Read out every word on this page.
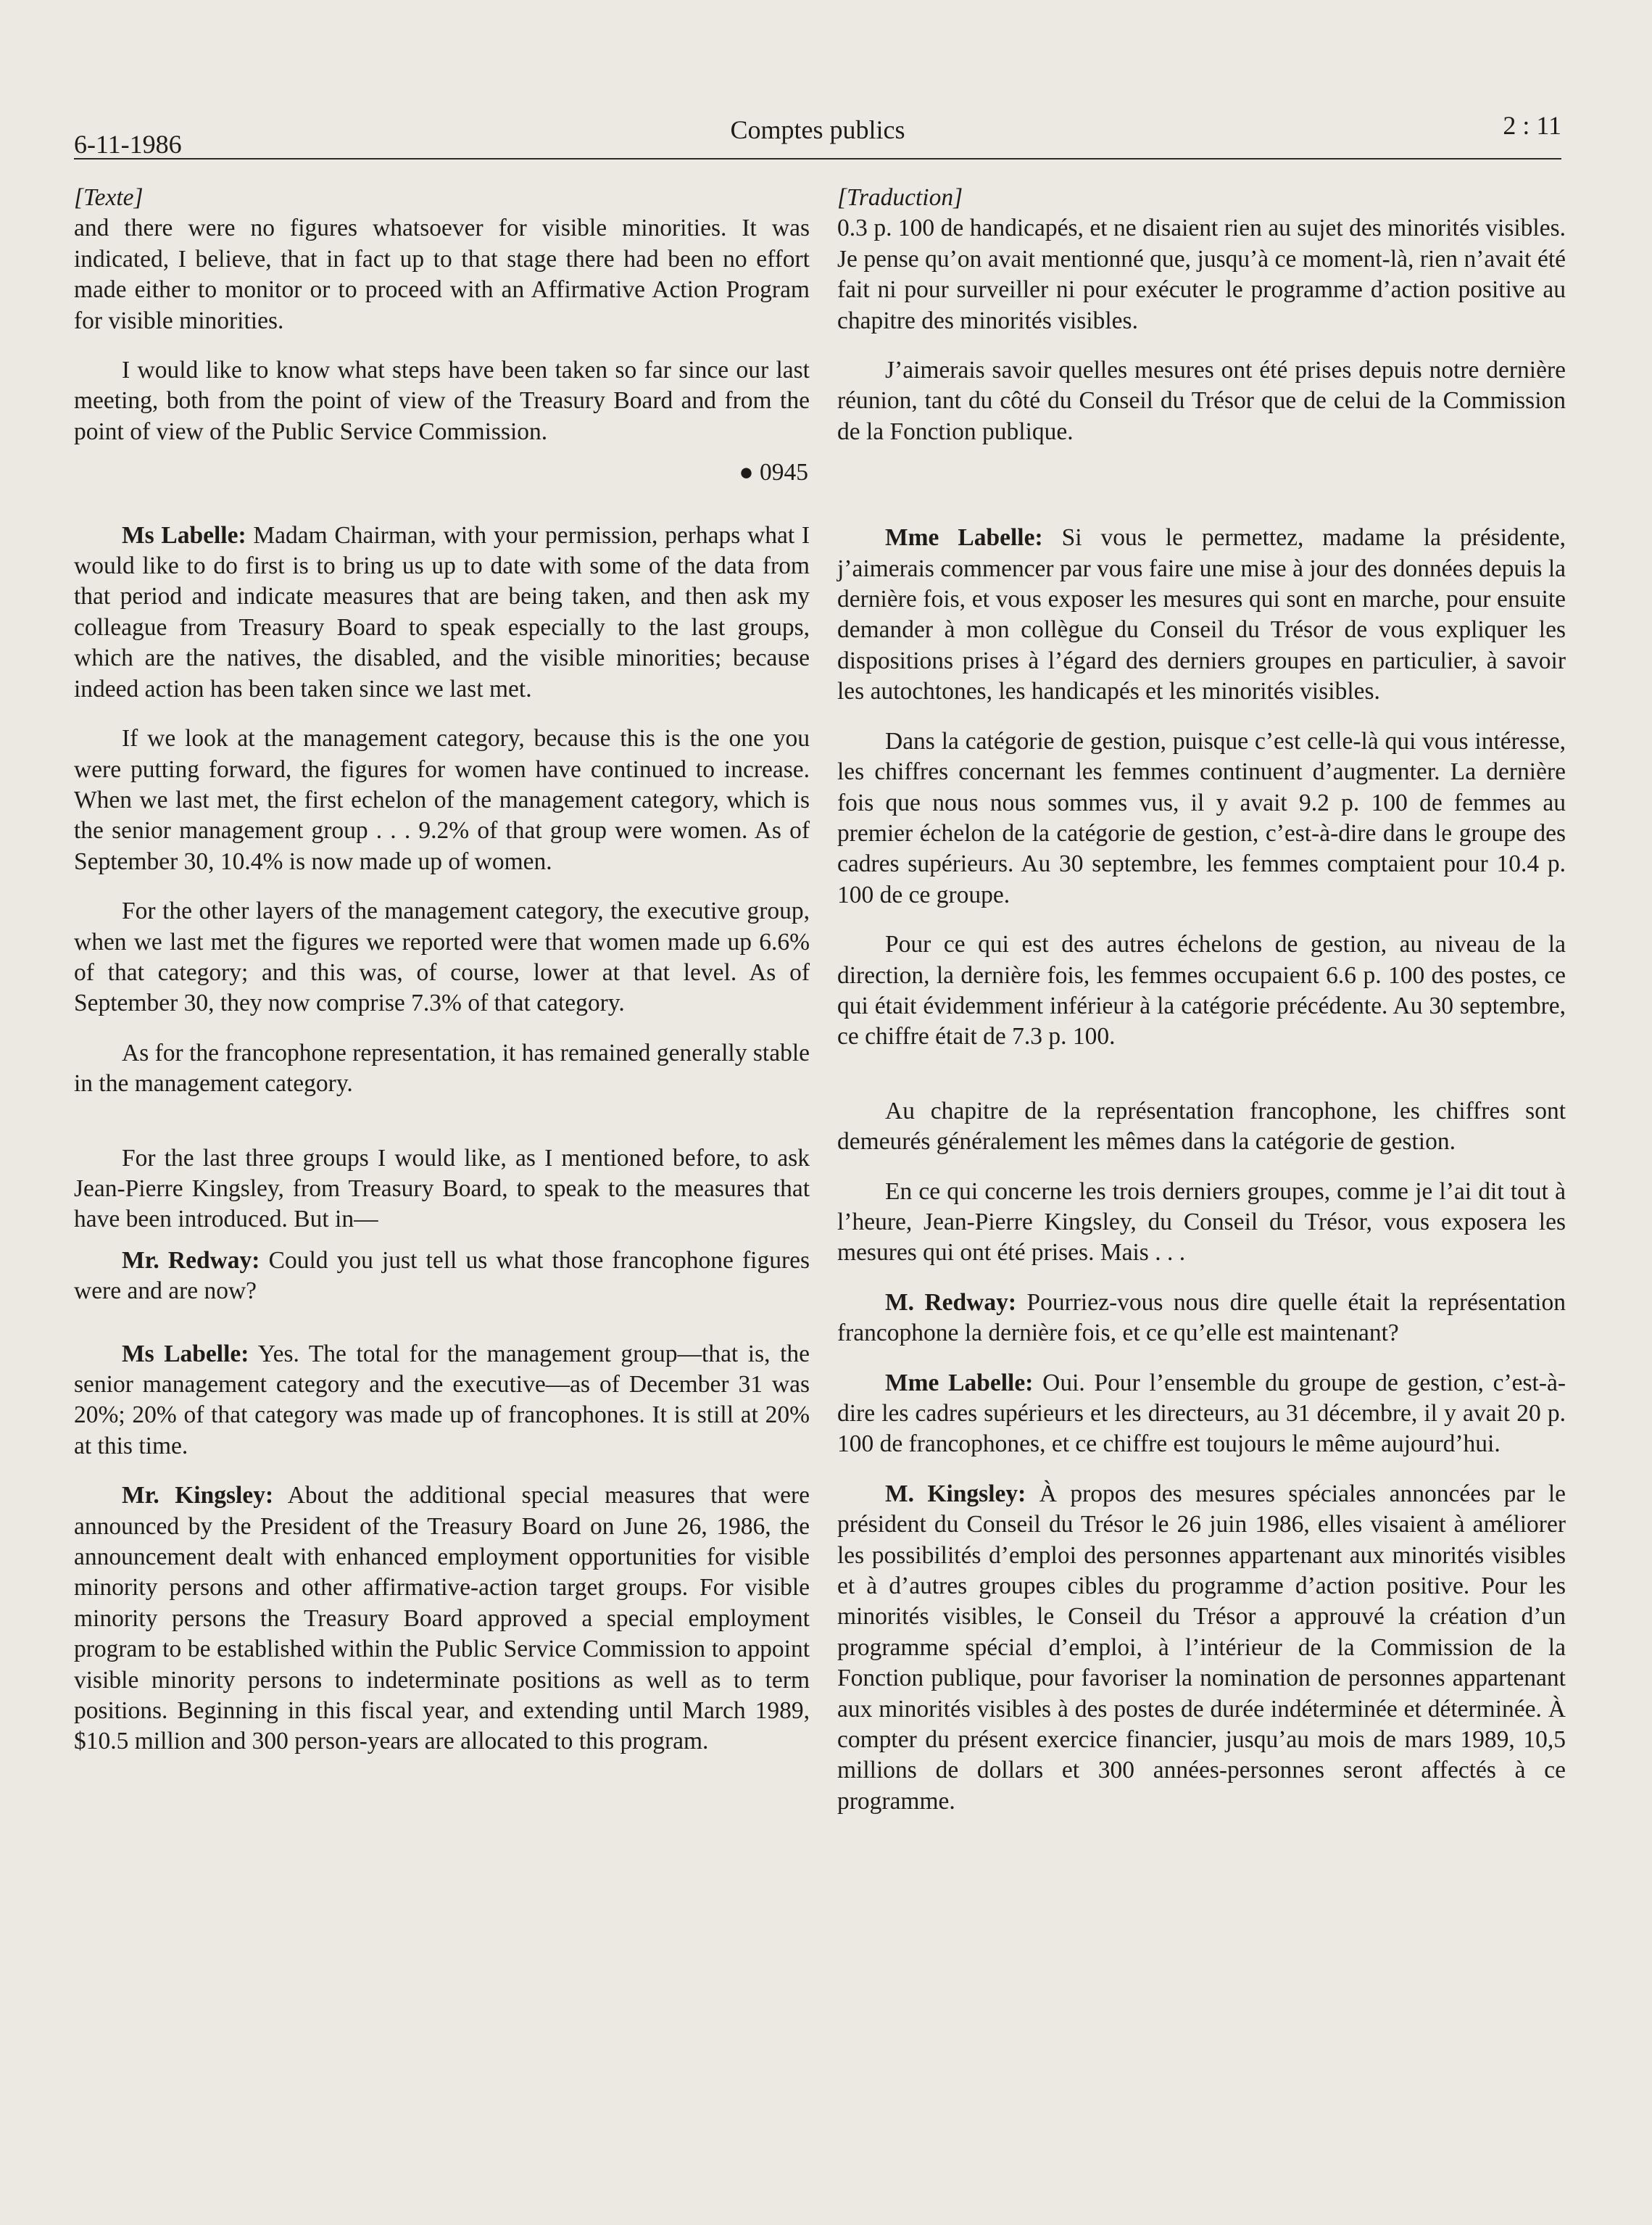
6-11-1986	Comptes publics	2 : 11

[Texte]

and there were no figures whatsoever for visible minorities. It was indicated, I believe, that in fact up to that stage there had been no effort made either to monitor or to proceed with an Affirmative Action Program for visible minorities.

I would like to know what steps have been taken so far since our last meeting, both from the point of view of the Treasury Board and from the point of view of the Public Service Commission.

● 0945

Ms Labelle: Madam Chairman, with your permission, perhaps what I would like to do first is to bring us up to date with some of the data from that period and indicate measures that are being taken, and then ask my colleague from Treasury Board to speak especially to the last groups, which are the natives, the disabled, and the visible minorities; because indeed action has been taken since we last met.

If we look at the management category, because this is the one you were putting forward, the figures for women have continued to increase. When we last met, the first echelon of the management category, which is the senior management group . . . 9.2% of that group were women. As of September 30, 10.4% is now made up of women.

For the other layers of the management category, the executive group, when we last met the figures we reported were that women made up 6.6% of that category; and this was, of course, lower at that level. As of September 30, they now comprise 7.3% of that category.

As for the francophone representation, it has remained generally stable in the management category.

For the last three groups I would like, as I mentioned before, to ask Jean-Pierre Kingsley, from Treasury Board, to speak to the measures that have been introduced. But in—

Mr. Redway: Could you just tell us what those francophone figures were and are now?

Ms Labelle: Yes. The total for the management group—that is, the senior management category and the executive—as of December 31 was 20%; 20% of that category was made up of francophones. It is still at 20% at this time.

Mr. Kingsley: About the additional special measures that were announced by the President of the Treasury Board on June 26, 1986, the announcement dealt with enhanced employment opportunities for visible minority persons and other affirmative-action target groups. For visible minority persons the Treasury Board approved a special employment program to be established within the Public Service Commission to appoint visible minority persons to indeterminate positions as well as to term positions. Beginning in this fiscal year, and extending until March 1989, $10.5 million and 300 person-years are allocated to this program.

[Traduction]

0.3 p. 100 de handicapés, et ne disaient rien au sujet des minorités visibles. Je pense qu’on avait mentionné que, jusqu’à ce moment-là, rien n’avait été fait ni pour surveiller ni pour exécuter le programme d’action positive au chapitre des minorités visibles.

J’aimerais savoir quelles mesures ont été prises depuis notre dernière réunion, tant du côté du Conseil du Trésor que de celui de la Commission de la Fonction publique.

Mme Labelle: Si vous le permettez, madame la présidente, j’aimerais commencer par vous faire une mise à jour des données depuis la dernière fois, et vous exposer les mesures qui sont en marche, pour ensuite demander à mon collègue du Conseil du Trésor de vous expliquer les dispositions prises à l’égard des derniers groupes en particulier, à savoir les autochtones, les handicapés et les minorités visibles.

Dans la catégorie de gestion, puisque c’est celle-là qui vous intéresse, les chiffres concernant les femmes continuent d’augmenter. La dernière fois que nous nous sommes vus, il y avait 9.2 p. 100 de femmes au premier échelon de la catégorie de gestion, c’est-à-dire dans le groupe des cadres supérieurs. Au 30 septembre, les femmes comptaient pour 10.4 p. 100 de ce groupe.

Pour ce qui est des autres échelons de gestion, au niveau de la direction, la dernière fois, les femmes occupaient 6.6 p. 100 des postes, ce qui était évidemment inférieur à la catégorie précédente. Au 30 septembre, ce chiffre était de 7.3 p. 100.

Au chapitre de la représentation francophone, les chiffres sont demeurés généralement les mêmes dans la catégorie de gestion.

En ce qui concerne les trois derniers groupes, comme je l’ai dit tout à l’heure, Jean-Pierre Kingsley, du Conseil du Trésor, vous exposera les mesures qui ont été prises. Mais . . .

M. Redway: Pourriez-vous nous dire quelle était la représentation francophone la dernière fois, et ce qu’elle est maintenant?

Mme Labelle: Oui. Pour l’ensemble du groupe de gestion, c’est-à-dire les cadres supérieurs et les directeurs, au 31 décembre, il y avait 20 p. 100 de francophones, et ce chiffre est toujours le même aujourd’hui.

M. Kingsley: À propos des mesures spéciales annoncées par le président du Conseil du Trésor le 26 juin 1986, elles visaient à améliorer les possibilités d’emploi des personnes appartenant aux minorités visibles et à d’autres groupes cibles du programme d’action positive. Pour les minorités visibles, le Conseil du Trésor a approuvé la création d’un programme spécial d’emploi, à l’intérieur de la Commission de la Fonction publique, pour favoriser la nomination de personnes appartenant aux minorités visibles à des postes de durée indéterminée et déterminée. À compter du présent exercice financier, jusqu’au mois de mars 1989, 10,5 millions de dollars et 300 années-personnes seront affectés à ce programme.
